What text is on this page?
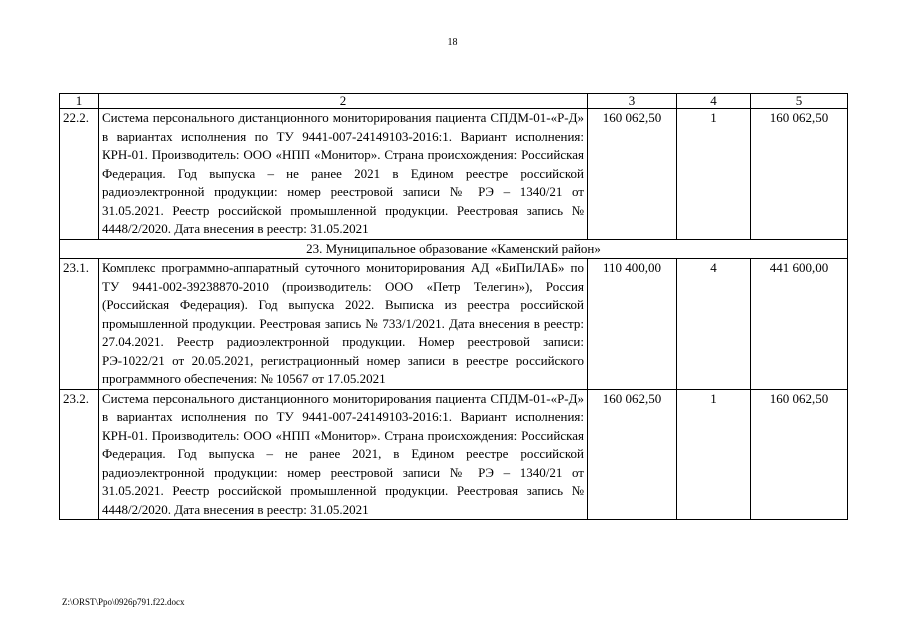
18
1	2	3	4	5
22.2.	Система персонального дистанционного мониторирования пациента СПДМ-01-«Р-Д» в вариантах исполнения по ТУ 9441-007-24149103-2016:1. Вариант исполнения: КРН-01. Производитель: ООО «НПП «Монитор». Страна происхождения: Российская Федерация. Год выпуска – не ранее 2021 в Едином реестре российской радиоэлектронной продукции: номер реестровой записи № РЭ – 1340/21 от 31.05.2021. Реестр российской промышленной продукции. Реестровая запись № 4448/2/2020. Дата внесения в реестр: 31.05.2021	160 062,50	1	160 062,50
23. Муниципальное образование «Каменский район»				
23.1.	Комплекс программно-аппаратный суточного мониторирования АД «БиПиЛАБ» по ТУ 9441-002-39238870-2010 (производитель: ООО «Петр Телегин»), Россия (Российская Федерация). Год выпуска 2022. Выписка из реестра российской промышленной продукции. Реестровая запись № 733/1/2021. Дата внесения в реестр: 27.04.2021. Реестр радиоэлектронной продукции. Номер реестровой записи: РЭ-1022/21 от 20.05.2021, регистрационный номер записи в реестре российского программного обеспечения: № 10567 от 17.05.2021	110 400,00	4	441 600,00
23.2.	Система персонального дистанционного мониторирования пациента СПДМ-01-«Р-Д» в вариантах исполнения по ТУ 9441-007-24149103-2016:1. Вариант исполнения: КРН-01. Производитель: ООО «НПП «Монитор». Страна происхождения: Российская Федерация. Год выпуска – не ранее 2021, в Едином реестре российской радиоэлектронной продукции: номер реестровой записи № РЭ – 1340/21 от 31.05.2021. Реестр российской промышленной продукции. Реестровая запись № 4448/2/2020. Дата внесения в реестр: 31.05.2021	160 062,50	1	160 062,50
Z:\ORST\Ppo\0926p791.f22.docx
